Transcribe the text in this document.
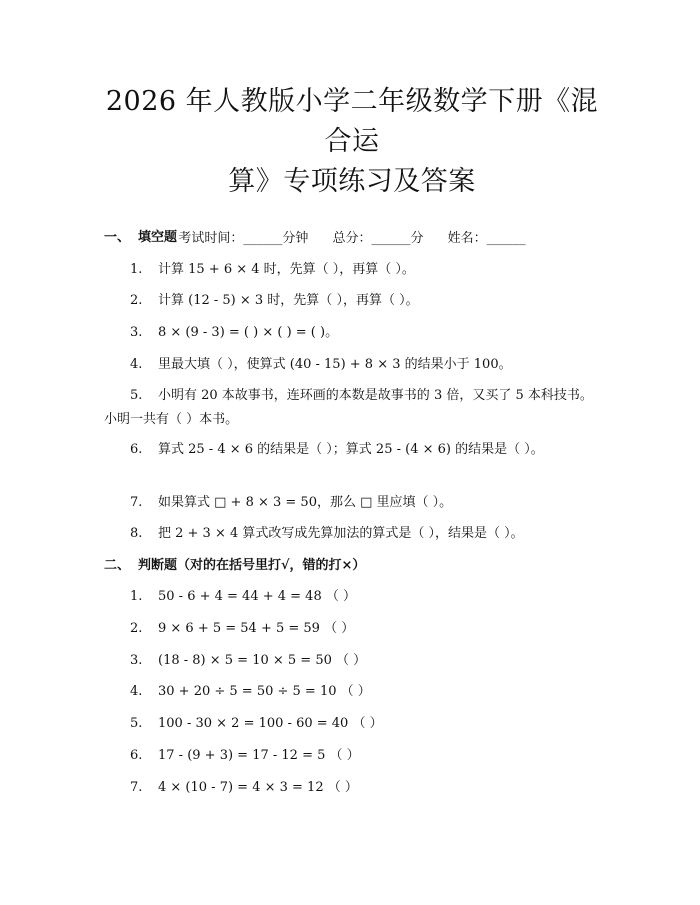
2026 年人教版小学二年级数学下册《混合运
算》专项练习及答案
考试时间：______分钟 总分：______分 姓名：______
一、 填空题
1. 计算 15 + 6 × 4 时，先算（ ），再算（ ）。
2. 计算 (12 - 5) × 3 时，先算（ ），再算（ ）。
3. 8 × (9 - 3) = ( ) × ( ) = ( )。
4. 里最大填（ ），使算式 (40 - 15) + 8 × 3 的结果小于 100。
5. 小明有 20 本故事书，连环画的本数是故事书的 3 倍，又买了 5 本科技书。小明一共有（ ）本书。
6. 算式 25 - 4 × 6 的结果是（ ）；算式 25 - (4 × 6) 的结果是（ ）。
7. 如果算式 □ + 8 × 3 = 50，那么 □ 里应填（ ）。
8. 把 2 + 3 × 4 算式改写成先算加法的算式是（ ），结果是（ ）。
二、 判断题（对的在括号里打√，错的打×）
1. 50 - 6 + 4 = 44 + 4 = 48 （ ）
2. 9 × 6 + 5 = 54 + 5 = 59 （ ）
3. (18 - 8) × 5 = 10 × 5 = 50 （ ）
4. 30 + 20 ÷ 5 = 50 ÷ 5 = 10 （ ）
5. 100 - 30 × 2 = 100 - 60 = 40 （ ）
6. 17 - (9 + 3) = 17 - 12 = 5 （ ）
7. 4 × (10 - 7) = 4 × 3 = 12 （ ）
